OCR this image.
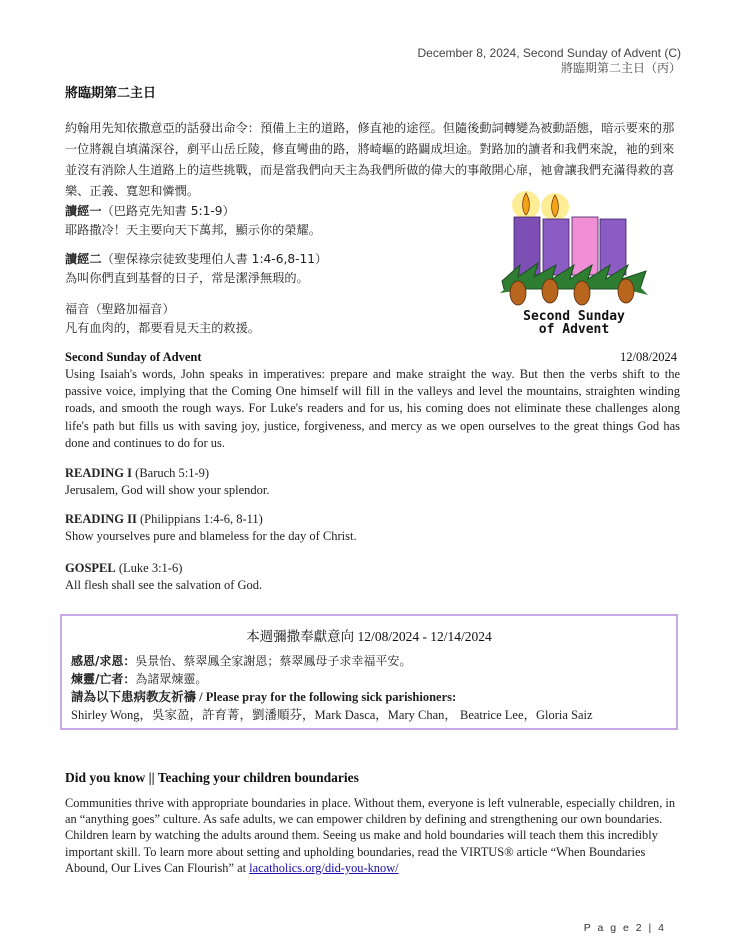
December 8, 2024, Second Sunday of Advent (C)
將臨期第二主日（丙）
將臨期第二主日
約翰用先知依撒意亞的話發出命令：預備上主的道路，修直祂的途徑。但隨後動詞轉變為被動語態，暗示要來的那一位將親自填滿深谷，剷平山岳丘陵，修直彎曲的路，將崎嶇的路闢成坦途。對路加的讀者和我們來說，祂的到來並沒有消除人生道路上的這些挑戰，而是當我們向天主為我們所做的偉大的事敞開心扉，祂會讓我們充滿得救的喜樂、正義、寬恕和憐憫。
讀經一（巴路克先知書 5:1-9）
耶路撒冷！天主要向天下萬邦，顯示你的榮耀。
讀經二（聖保祿宗徒致斐理伯人書 1:4-6,8-11）
為叫你們直到基督的日子，常是潔淨無瑕的。
福音（聖路加福音）
凡有血肉的，都要看見天主的救援。
Second Sunday
of Advent
Second Sunday of Advent	12/08/2024
Using Isaiah's words, John speaks in imperatives: prepare and make straight the way. But then the verbs shift to the passive voice, implying that the Coming One himself will fill in the valleys and level the mountains, straighten winding roads, and smooth the rough ways. For Luke's readers and for us, his coming does not eliminate these challenges along life's path but fills us with saving joy, justice, forgiveness, and mercy as we open ourselves to the great things God has done and continues to do for us.
READING I (Baruch 5:1-9)
Jerusalem, God will show your splendor.
READING II (Philippians 1:4-6, 8-11)
Show yourselves pure and blameless for the day of Christ.
GOSPEL (Luke 3:1-6)
All flesh shall see the salvation of God.
本週彌撒奉獻意向 12/08/2024 - 12/14/2024
感恩/求恩：吳景怡、蔡翠鳳全家謝恩；蔡翠鳳母子求幸福平安。
煉靈/亡者：為諸眾煉靈。
請為以下患病教友祈禱 / Please pray for the following sick parishioners:
Shirley Wong，吳家盈，許育菁，劉潘順芬，Mark Dasca，Mary Chan， Beatrice Lee，Gloria Saiz
Did you know || Teaching your children boundaries
Communities thrive with appropriate boundaries in place. Without them, everyone is left vulnerable, especially children, in an “anything goes” culture. As safe adults, we can empower children by defining and strengthening our own boundaries. Children learn by watching the adults around them. Seeing us make and hold boundaries will teach them this incredibly important skill. To learn more about setting and upholding boundaries, read the VIRTUS® article “When Boundaries Abound, Our Lives Can Flourish” at lacatholics.org/did-you-know/
P a g e 2 | 4
